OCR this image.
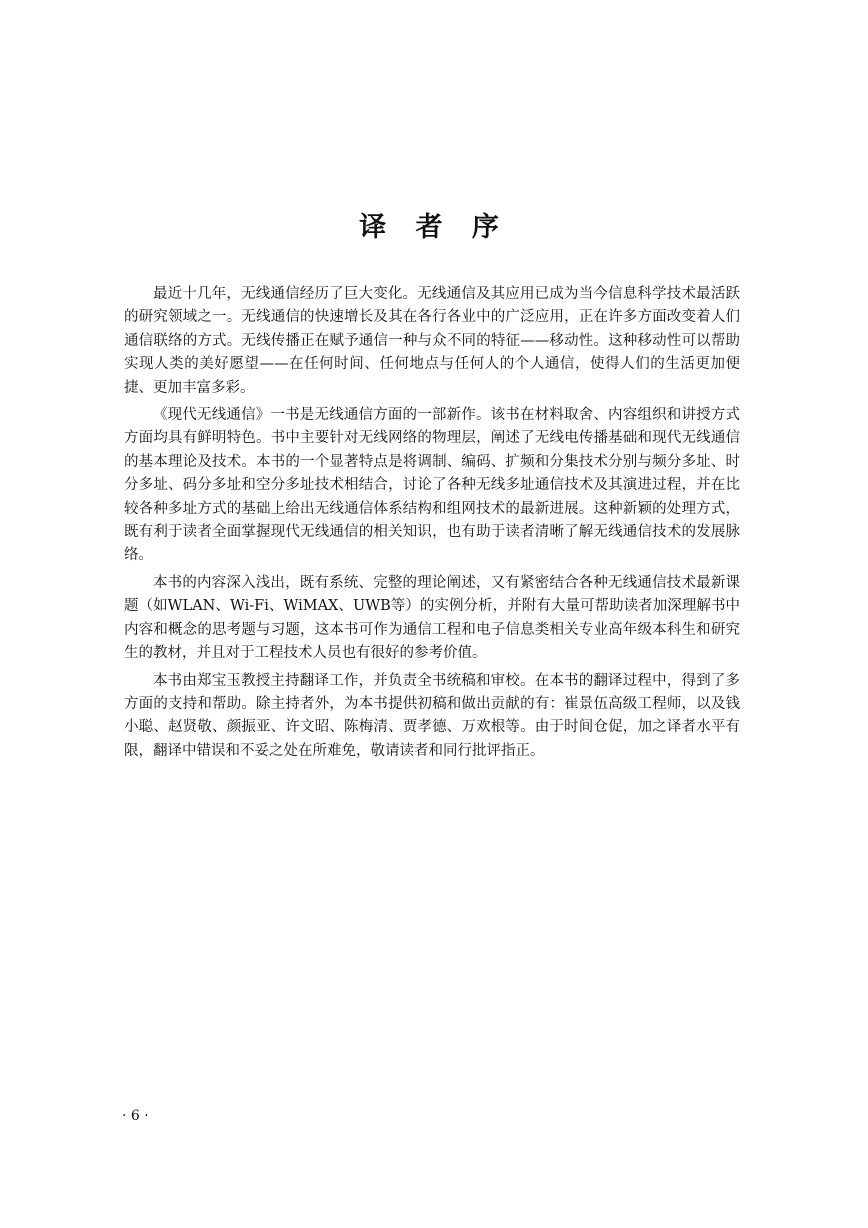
译 者 序

最近十几年，无线通信经历了巨大变化。无线通信及其应用已成为当今信息科学技术最活跃的研究领域之一。无线通信的快速增长及其在各行各业中的广泛应用，正在许多方面改变着人们通信联络的方式。无线传播正在赋予通信一种与众不同的特征——移动性。这种移动性可以帮助实现人类的美好愿望——在任何时间、任何地点与任何人的个人通信，使得人们的生活更加便捷、更加丰富多彩。

《现代无线通信》一书是无线通信方面的一部新作。该书在材料取舍、内容组织和讲授方式方面均具有鲜明特色。书中主要针对无线网络的物理层，阐述了无线电传播基础和现代无线通信的基本理论及技术。本书的一个显著特点是将调制、编码、扩频和分集技术分别与频分多址、时分多址、码分多址和空分多址技术相结合，讨论了各种无线多址通信技术及其演进过程，并在比较各种多址方式的基础上给出无线通信体系结构和组网技术的最新进展。这种新颖的处理方式，既有利于读者全面掌握现代无线通信的相关知识，也有助于读者清晰了解无线通信技术的发展脉络。

本书的内容深入浅出，既有系统、完整的理论阐述，又有紧密结合各种无线通信技术最新课题（如WLAN、Wi-Fi、WiMAX、UWB等）的实例分析，并附有大量可帮助读者加深理解书中内容和概念的思考题与习题，这本书可作为通信工程和电子信息类相关专业高年级本科生和研究生的教材，并且对于工程技术人员也有很好的参考价值。

本书由郑宝玉教授主持翻译工作，并负责全书统稿和审校。在本书的翻译过程中，得到了多方面的支持和帮助。除主持者外，为本书提供初稿和做出贡献的有：崔景伍高级工程师，以及钱小聪、赵贤敬、颜振亚、许文昭、陈梅清、贾孝德、万欢根等。由于时间仓促，加之译者水平有限，翻译中错误和不妥之处在所难免，敬请读者和同行批评指正。

· 6 ·
